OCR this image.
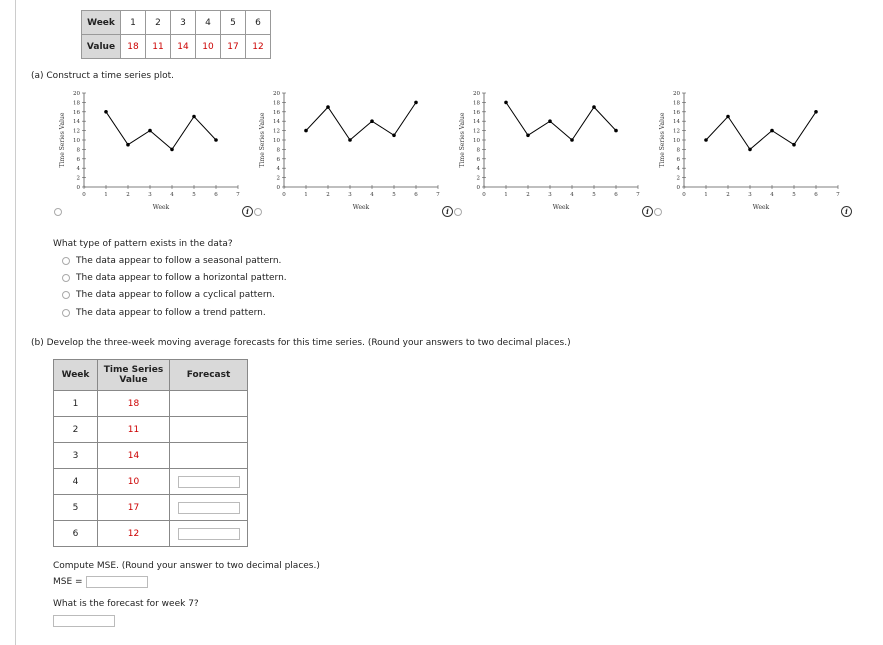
Week	1	2	3	4	5	6
Value	18	11	14	10	17	12
(a) Construct a time series plot.
0
2
4
6
8
10
12
14
16
18
20
0	1	2	3	4	5	6	7
Week
Time Series Value
0
2
4
6
8
10
12
14
16
18
20
0	1	2	3	4	5	6	7
Week
Time Series Value
0
2
4
6
8
10
12
14
16
18
20
0	1	2	3	4	5	6	7
Week
Time Series Value
0
2
4
6
8
10
12
14
16
18
20
0	1	2	3	4	5	6	7
Week
Time Series Value
i	i	i	i
What type of pattern exists in the data?
The data appear to follow a seasonal pattern.
The data appear to follow a horizontal pattern.
The data appear to follow a cyclical pattern.
The data appear to follow a trend pattern.
(b) Develop the three-week moving average forecasts for this time series. (Round your answers to two decimal places.)
Week	Time Series Value	Forecast
1	18	
2	11	
3	14	
4	10	
5	17	
6	12	
Compute MSE. (Round your answer to two decimal places.)
MSE =
What is the forecast for week 7?
